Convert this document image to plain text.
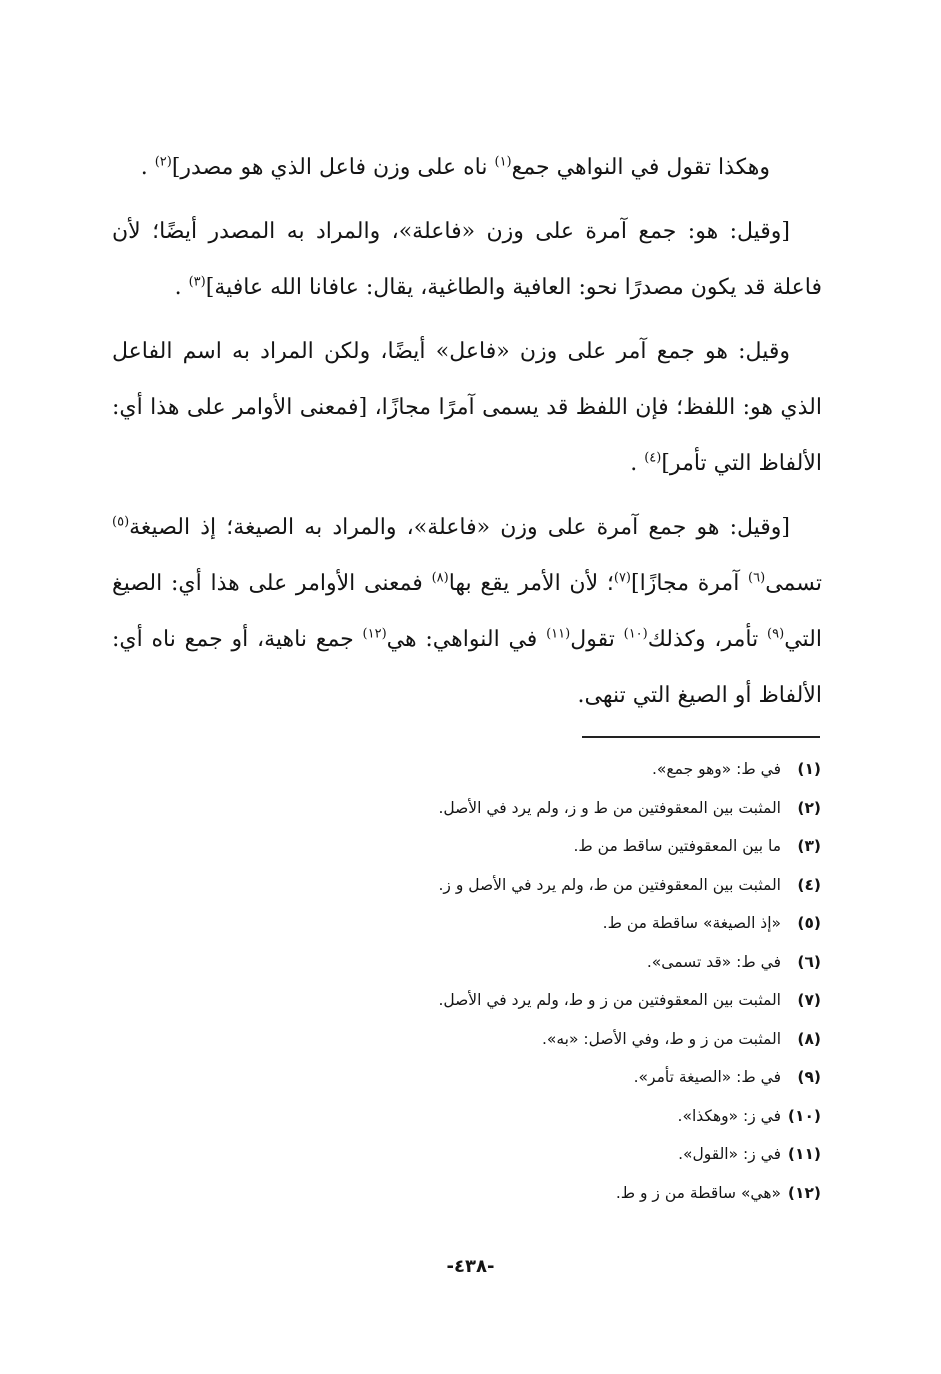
وهكذا تقول في النواهي جمع$^{(١)}$ ناه على وزن فاعل الذي هو مصدر]$^{(٢)}$ .

[وقيل: هو: جمع آمرة على وزن «فاعلة»، والمراد به المصدر أيضًا؛ لأن فاعلة قد يكون مصدرًا نحو: العافية والطاغية، يقال: عافانا الله عافية]$^{(٣)}$ .

وقيل: هو جمع آمر على وزن «فاعل» أيضًا، ولكن المراد به اسم الفاعل الذي هو: اللفظ؛ فإن اللفظ قد يسمى آمرًا مجازًا، [فمعنى الأوامر على هذا أي: الألفاظ التي تأمر]$^{(٤)}$ .

[وقيل: هو جمع آمرة على وزن «فاعلة»، والمراد به الصيغة؛ إذ الصيغة$^{(٥)}$ تسمى$^{(٦)}$ آمرة مجازًا]$^{(٧)}$؛ لأن الأمر يقع بها$^{(٨)}$ فمعنى الأوامر على هذا أي: الصيغ التي$^{(٩)}$ تأمر، وكذلك$^{(١٠)}$ تقول$^{(١١)}$ في النواهي: هي$^{(١٢)}$ جمع ناهية، أو جمع ناه أي: الألفاظ أو الصيغ التي تنهى.

(١)
في ط: «وهو جمع».
(٢)
المثبت بين المعقوفتين من ط و ز، ولم يرد في الأصل.
(٣)
ما بين المعقوفتين ساقط من ط.
(٤)
المثبت بين المعقوفتين من ط، ولم يرد في الأصل و ز.
(٥)
«إذ الصيغة» ساقطة من ط.
(٦)
في ط: «قد تسمى».
(٧)
المثبت بين المعقوفتين من ز و ط، ولم يرد في الأصل.
(٨)
المثبت من ز و ط، وفي الأصل: «به».
(٩)
في ط: «الصيغة تأمر».
(١٠)
في ز: «وهكذا».
(١١)
في ز: «القول».
(١٢)
«هي» ساقطة من ز و ط.
-٤٣٨-
